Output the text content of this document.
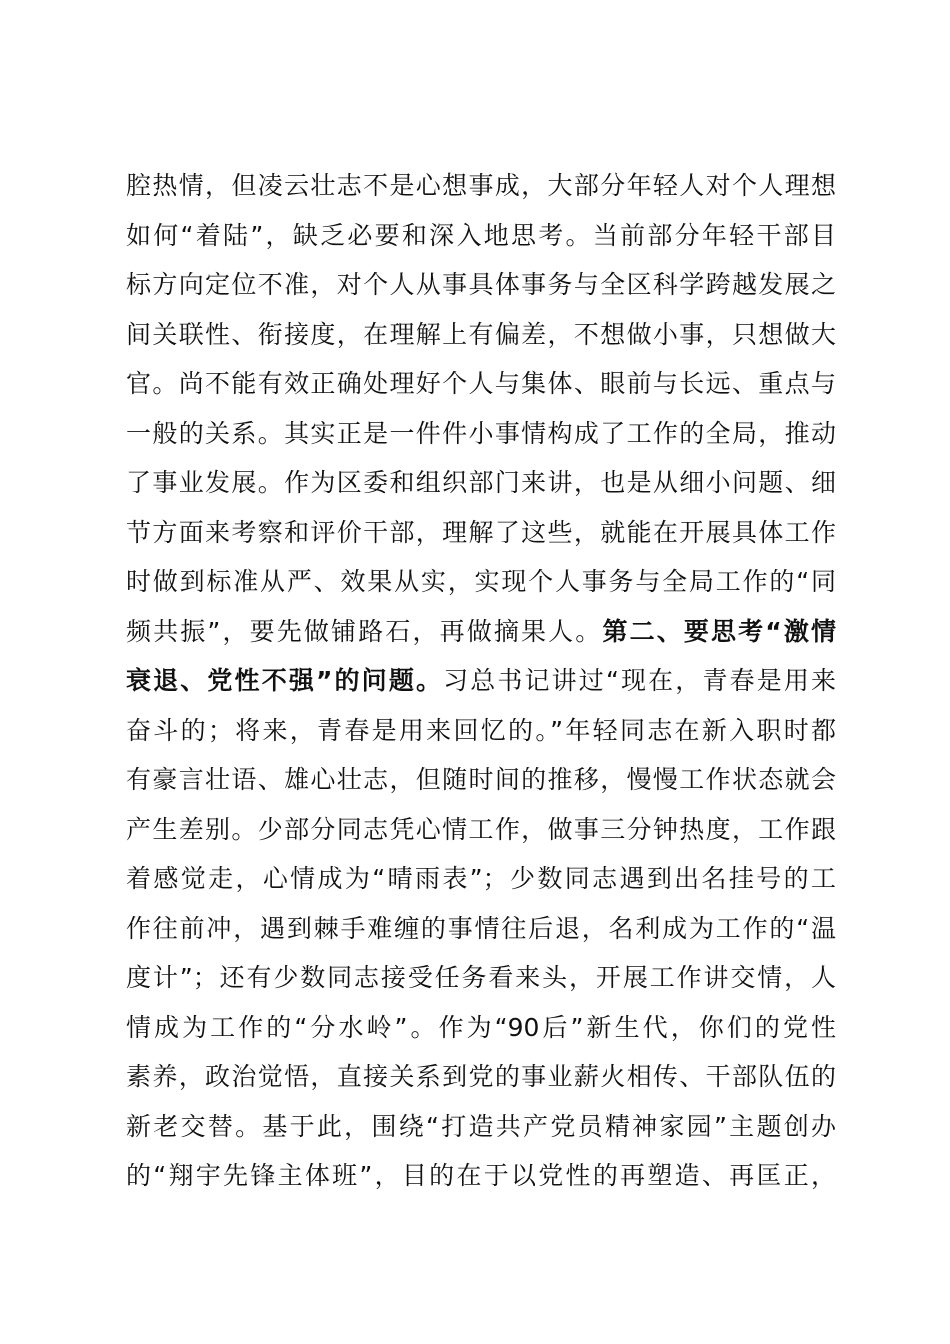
腔热情，但凌云壮志不是心想事成，大部分年轻人对个人理想
如何“着陆”，缺乏必要和深入地思考。当前部分年轻干部目
标方向定位不准，对个人从事具体事务与全区科学跨越发展之
间关联性、衔接度，在理解上有偏差，不想做小事，只想做大
官。尚不能有效正确处理好个人与集体、眼前与长远、重点与
一般的关系。其实正是一件件小事情构成了工作的全局，推动
了事业发展。作为区委和组织部门来讲，也是从细小问题、细
节方面来考察和评价干部，理解了这些，就能在开展具体工作
时做到标准从严、效果从实，实现个人事务与全局工作的“同
频共振”，要先做铺路石，再做摘果人。第二、要思考“激情
衰退、党性不强”的问题。习总书记讲过“现在，青春是用来
奋斗的；将来，青春是用来回忆的。”年轻同志在新入职时都
有豪言壮语、雄心壮志，但随时间的推移，慢慢工作状态就会
产生差别。少部分同志凭心情工作，做事三分钟热度，工作跟
着感觉走，心情成为“晴雨表”；少数同志遇到出名挂号的工
作往前冲，遇到棘手难缠的事情往后退，名利成为工作的“温
度计”；还有少数同志接受任务看来头，开展工作讲交情，人
情成为工作的“分水岭”。作为“90后”新生代，你们的党性
素养，政治觉悟，直接关系到党的事业薪火相传、干部队伍的
新老交替。基于此，围绕“打造共产党员精神家园”主题创办
的“翔宇先锋主体班”，目的在于以党性的再塑造、再匡正，
